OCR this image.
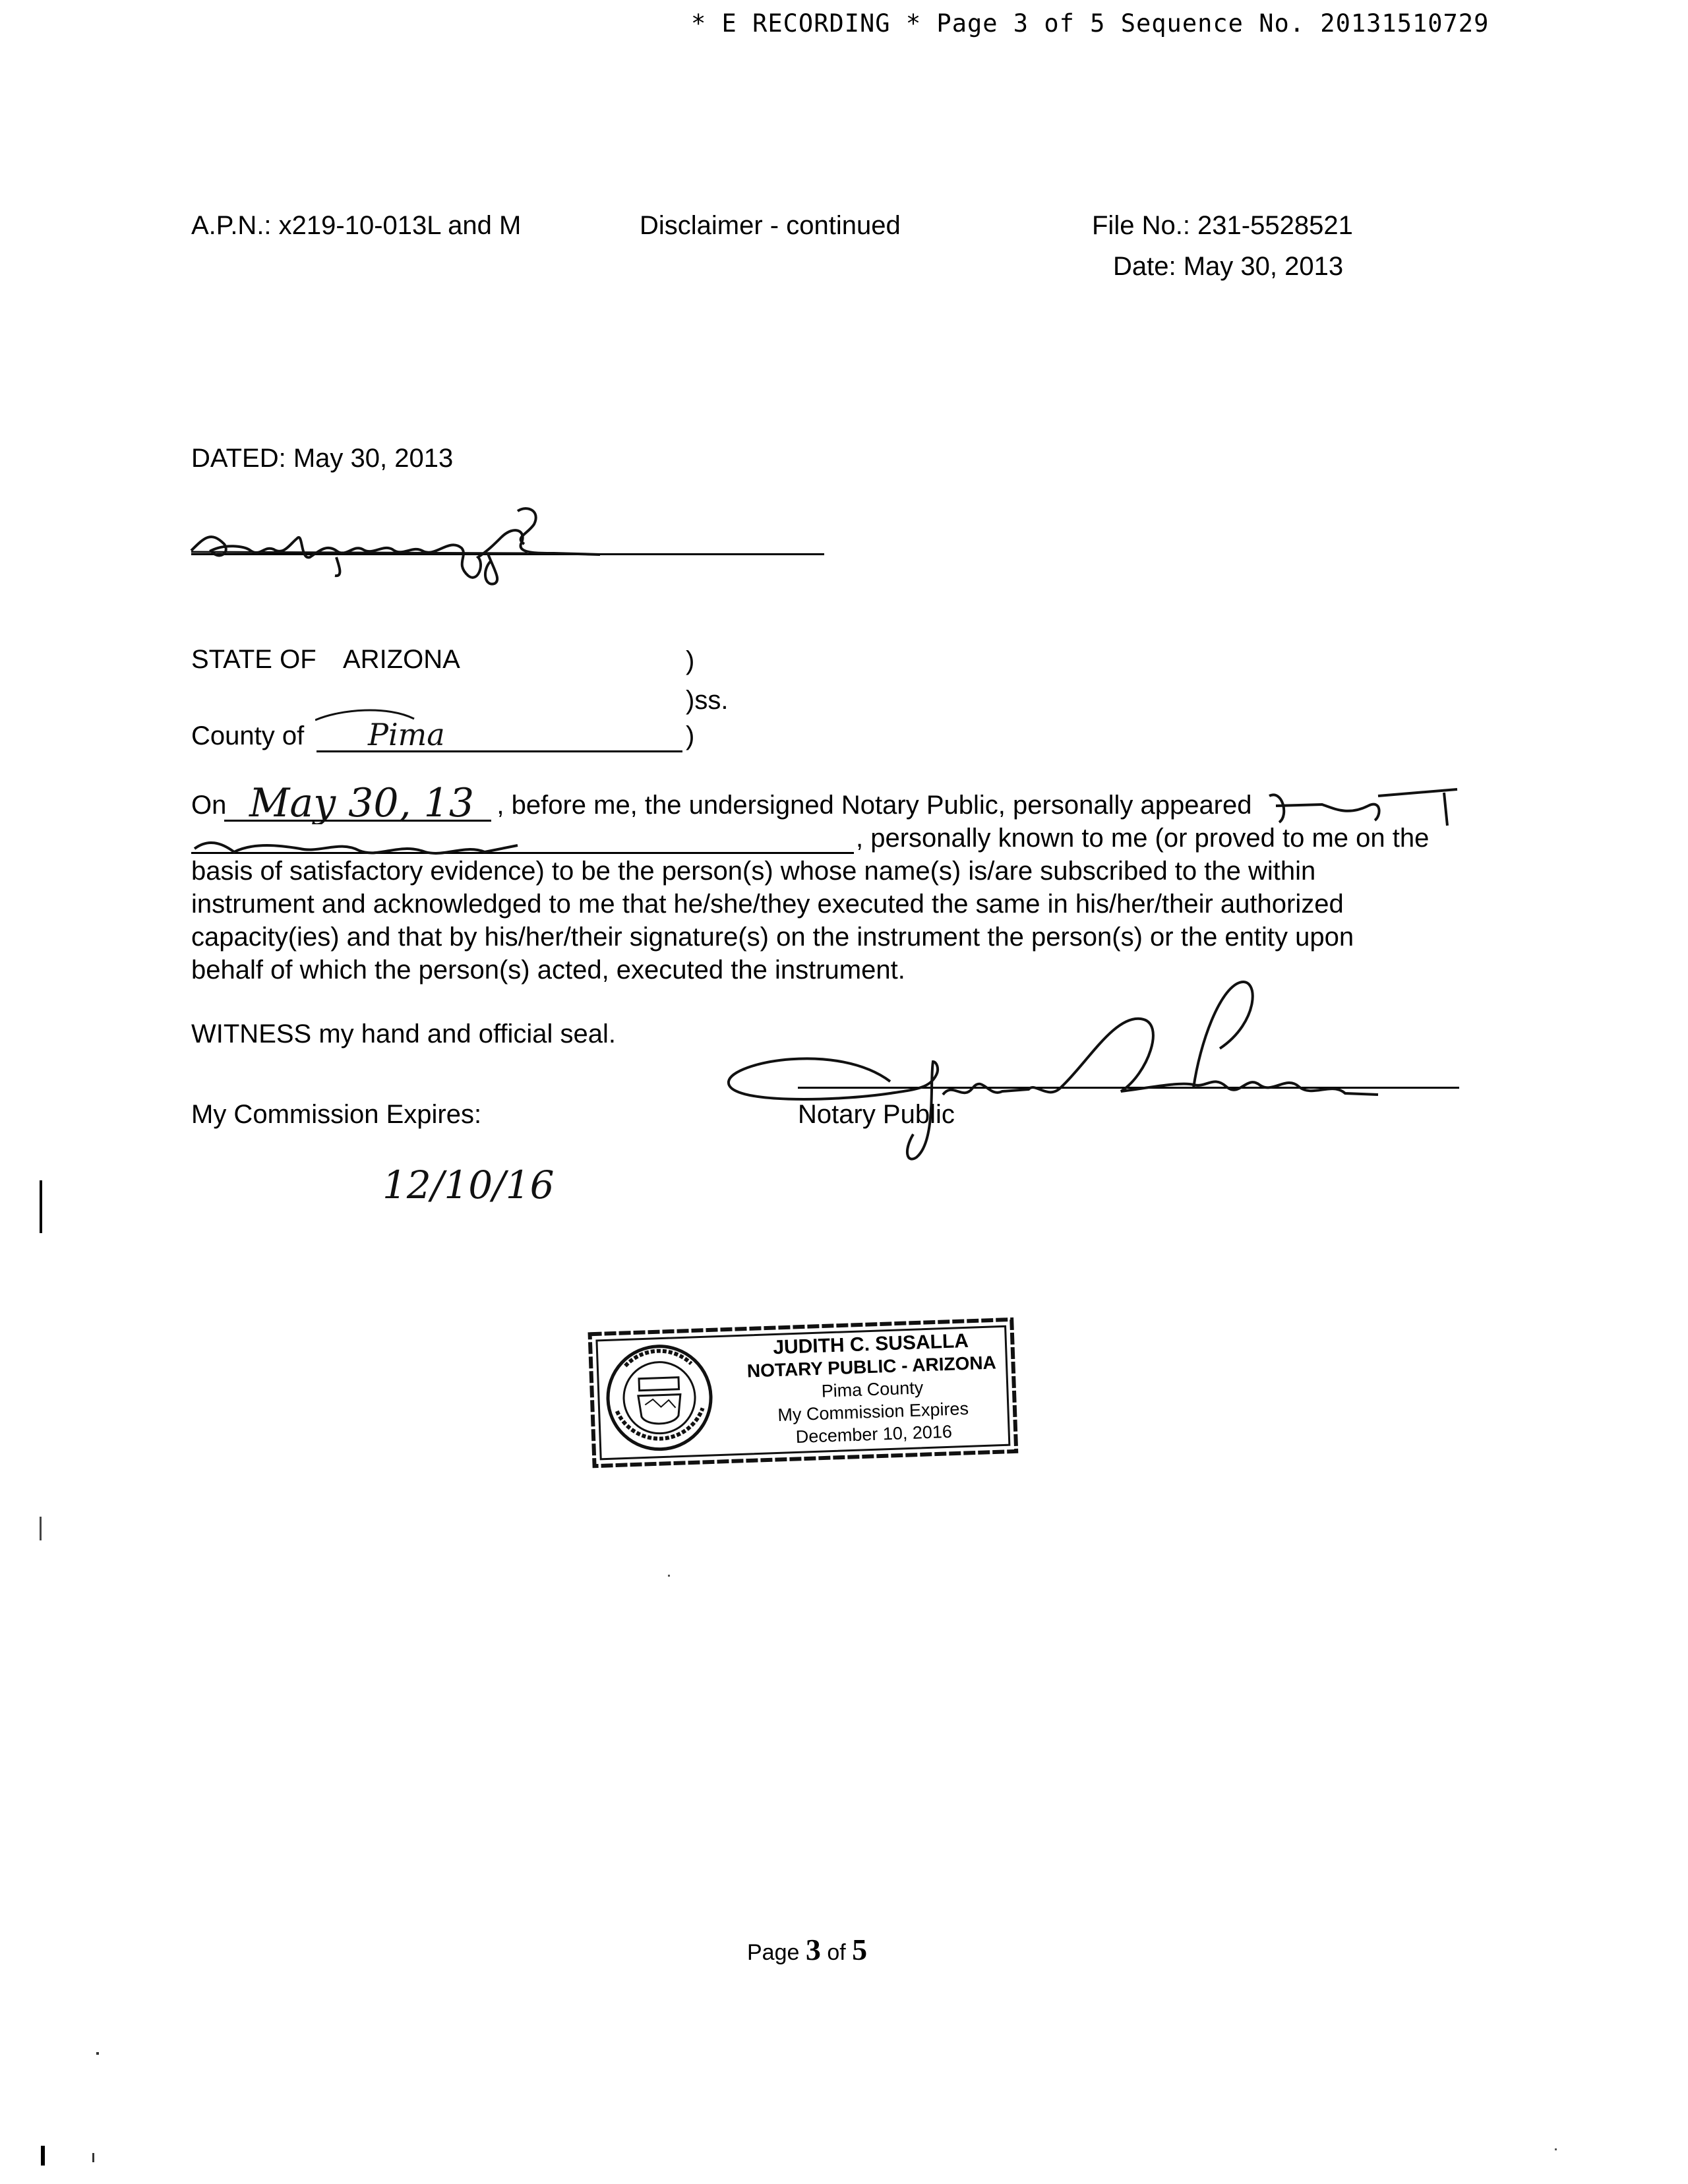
* E RECORDING * Page 3 of 5 Sequence No. 20131510729
A.P.N.: x219-10-013L and M	Disclaimer - continued	File No.: 231-5528521
Date: May 30, 2013
DATED: May 30, 2013
STATE OF ARIZONA	)
)ss.
County of	)
Pima
On	, before me, the undersigned Notary Public, personally appeared
, personally known to me (or proved to me on the
basis of satisfactory evidence) to be the person(s) whose name(s) is/are subscribed to the within
instrument and acknowledged to me that he/she/they executed the same in his/her/their authorized
capacity(ies) and that by his/her/their signature(s) on the instrument the person(s) or the entity upon
behalf of which the person(s) acted, executed the instrument.
May 30, 13
WITNESS my hand and official seal.
My Commission Expires:
12/10/16
Notary Public
JUDITH C. SUSALLA
NOTARY PUBLIC - ARIZONA
Pima County
My Commission Expires
December 10, 2016
Page 3 of 5
